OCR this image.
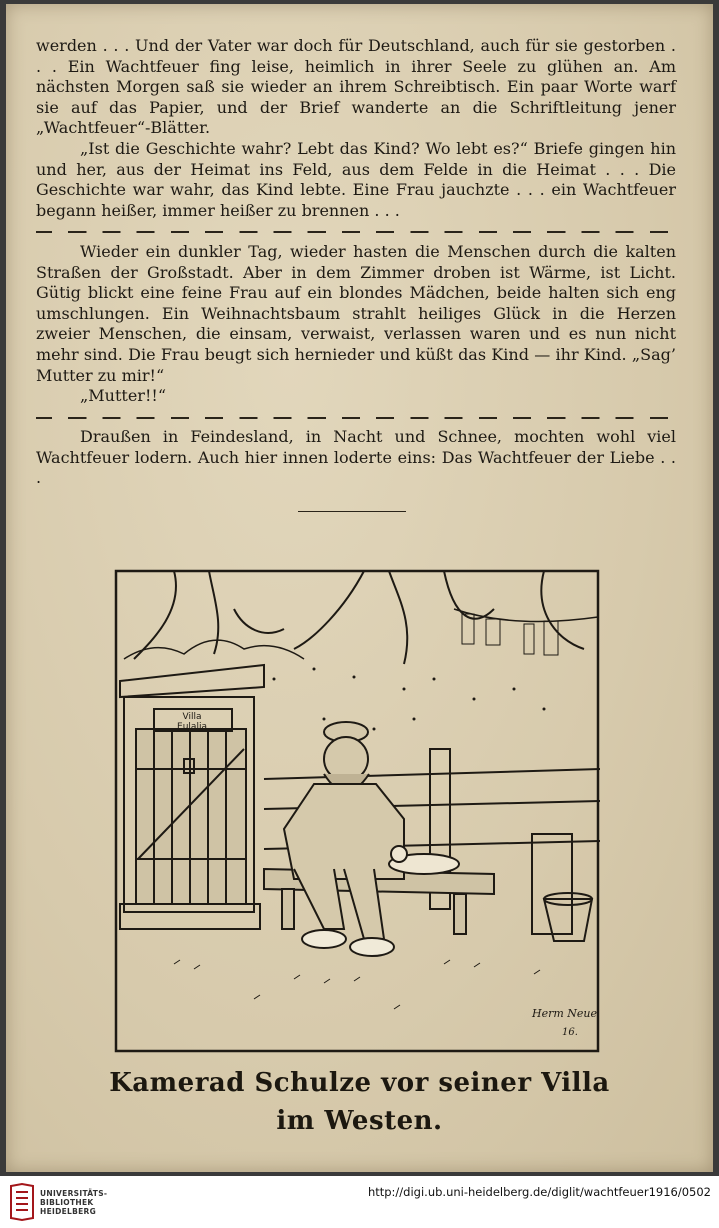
werden . . . Und der Vater war doch für Deutschland, auch für sie gestorben . . . Ein Wachtfeuer fing leise, heimlich in ihrer Seele zu glühen an. Am nächsten Morgen saß sie wieder an ihrem Schreibtisch. Ein paar Worte warf sie auf das Papier, und der Brief wanderte an die Schriftleitung jener „Wachtfeuer“-Blätter.

„Ist die Geschichte wahr? Lebt das Kind? Wo lebt es?“ Briefe gingen hin und her, aus der Heimat ins Feld, aus dem Felde in die Heimat . . . Die Geschichte war wahr, das Kind lebte. Eine Frau jauchzte . . . ein Wachtfeuer begann heißer, immer heißer zu brennen . . .

Wieder ein dunkler Tag, wieder hasten die Menschen durch die kalten Straßen der Großstadt. Aber in dem Zimmer droben ist Wärme, ist Licht. Gütig blickt eine feine Frau auf ein blondes Mädchen, beide halten sich eng umschlungen. Ein Weihnachtsbaum strahlt heiliges Glück in die Herzen zweier Menschen, die einsam, verwaist, verlassen waren und es nun nicht mehr sind. Die Frau beugt sich hernieder und küßt das Kind — ihr Kind. „Sag’ Mutter zu mir!“

„Mutter!!“

Draußen in Feindesland, in Nacht und Schnee, mochten wohl viel Wachtfeuer lodern. Auch hier innen loderte eins: Das Wachtfeuer der Liebe . . .

Villa
Eulalia
Herm Neue
16.
Kamerad Schulze vor seiner Villa
im Westen.
UNIVERSITÄTS-
BIBLIOTHEK
HEIDELBERG
http://digi.ub.uni-heidelberg.de/diglit/wachtfeuer1916/0502
